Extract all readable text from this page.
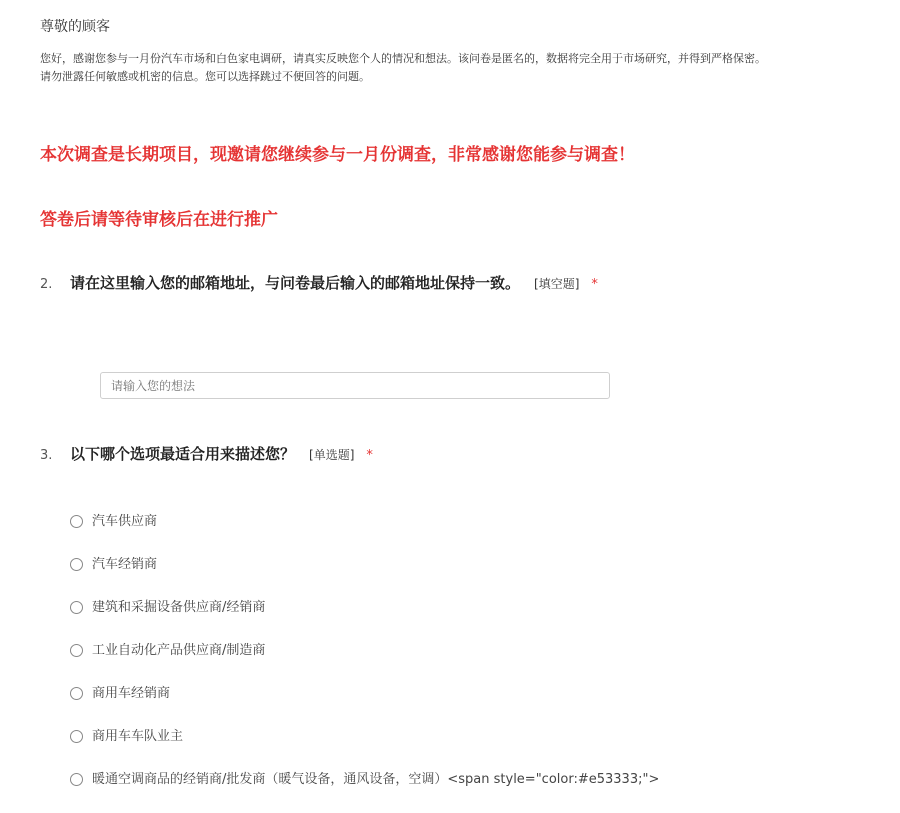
尊敬的顾客

您好，感谢您参与一月份汽车市场和白色家电调研，请真实反映您个人的情况和想法。该问卷是匿名的，数据将完全用于市场研究，并得到严格保密。

请勿泄露任何敏感或机密的信息。您可以选择跳过不便回答的问题。

本次调查是长期项目，现邀请您继续参与一月份调查，非常感谢您能参与调查！
答卷后请等待审核后在进行推广
2. 请在这里输入您的邮箱地址，与问卷最后输入的邮箱地址保持一致。 [填空题] *
请输入您的想法
3. 以下哪个选项最适合用来描述您？ [单选题] *
汽车供应商
汽车经销商
建筑和采掘设备供应商/经销商
工业自动化产品供应商/制造商
商用车经销商
商用车车队业主
暖通空调商品的经销商/批发商（暖气设备，通风设备，空调）<span style="color:#e53333;">
